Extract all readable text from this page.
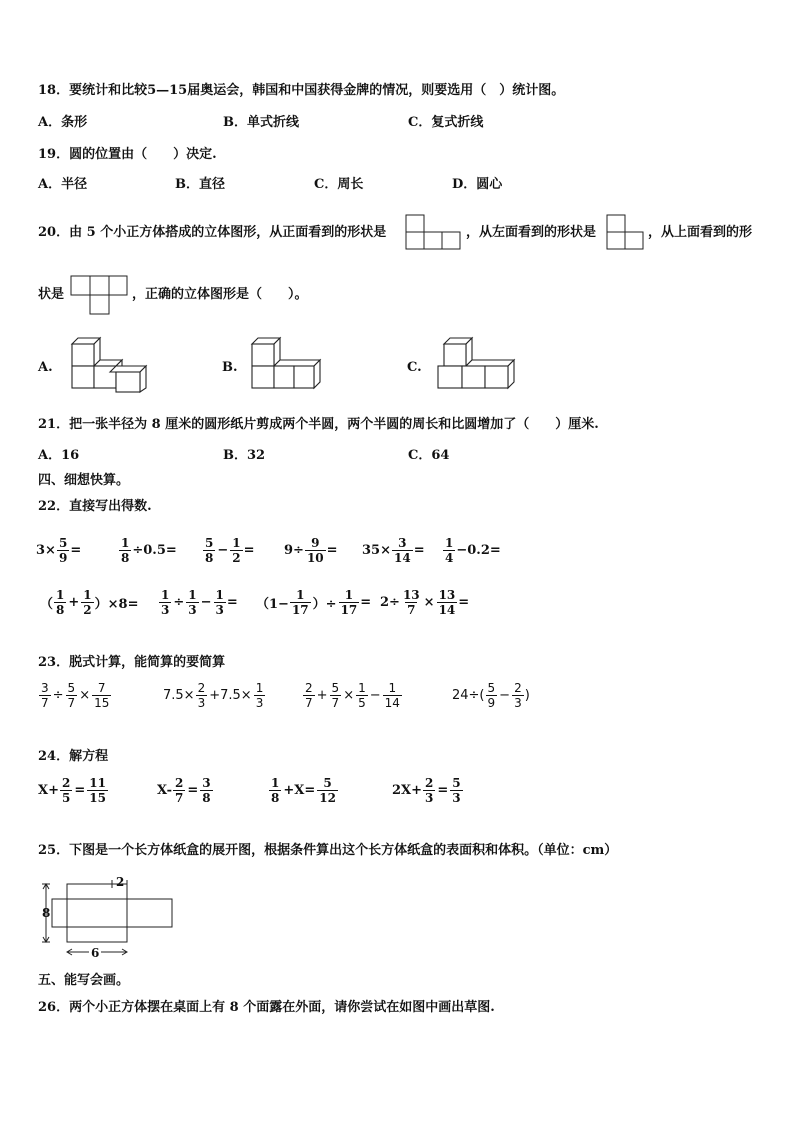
18．要统计和比较5—15届奥运会，韩国和中国获得金牌的情况，则要选用（　）统计图。
A．条形	B．单式折线	C．复式折线
19．圆的位置由（　　）决定.
A．半径	B．直径	C．周长	D．圆心
20．由 5 个小正方体搭成的立体图形，从正面看到的形状是	，从左面看到的形状是	，从上面看到的形
状是	，正确的立体图形是（　　）。
A.	B.	C.
21．把一张半径为 8 厘米的圆形纸片剪成两个半圆，两个半圆的周长和比圆增加了（　　）厘米.
A．16	B．32	C．64
四、细想快算。
22．直接写出得数.
$3\times \frac{5}{9}$ =	$\frac{1}{8} \div 0.5= \frac{5}{8} - \frac{1}{2} = 9\div \frac{9}{10} = 35\times \frac{3}{14} = \frac{1}{4} -0.2=$
（ $\frac{1}{8} + \frac{1}{2} )\times 8= \frac{1}{3} \div \frac{1}{3} - \frac{1}{3} = (1- \frac{1}{17}$ ）÷ $\frac{1}{17} = 2\div \frac{13}{7} \times \frac{13}{14}$ =
23．脱式计算，能简算的要简算
$\frac{3}{7} \div \frac{5}{7} \times \frac{7}{15}$	$7.5\times \frac{2}{3} +7.5\times \frac{1}{3}$	$\frac{2}{7} + \frac{5}{7} \times \frac{1}{5} - \frac{1}{14}$	$24\div( \frac{5}{9} - \frac{2}{3}$ )
24．解方程
$X+ \frac{2}{5} = \frac{11}{15}$	$X- \frac{2}{7} = \frac{3}{8}$	$\frac{1}{8} +X= \frac{5}{12}$	$2X+ \frac{2}{3} = \frac{5}{3}$
25．下图是一个长方体纸盒的展开图，根据条件算出这个长方体纸盒的表面积和体积。（单位：cm）
8
2
6
五、能写会画。
26．两个小正方体摆在桌面上有 8 个面露在外面，请你尝试在如图中画出草图.
